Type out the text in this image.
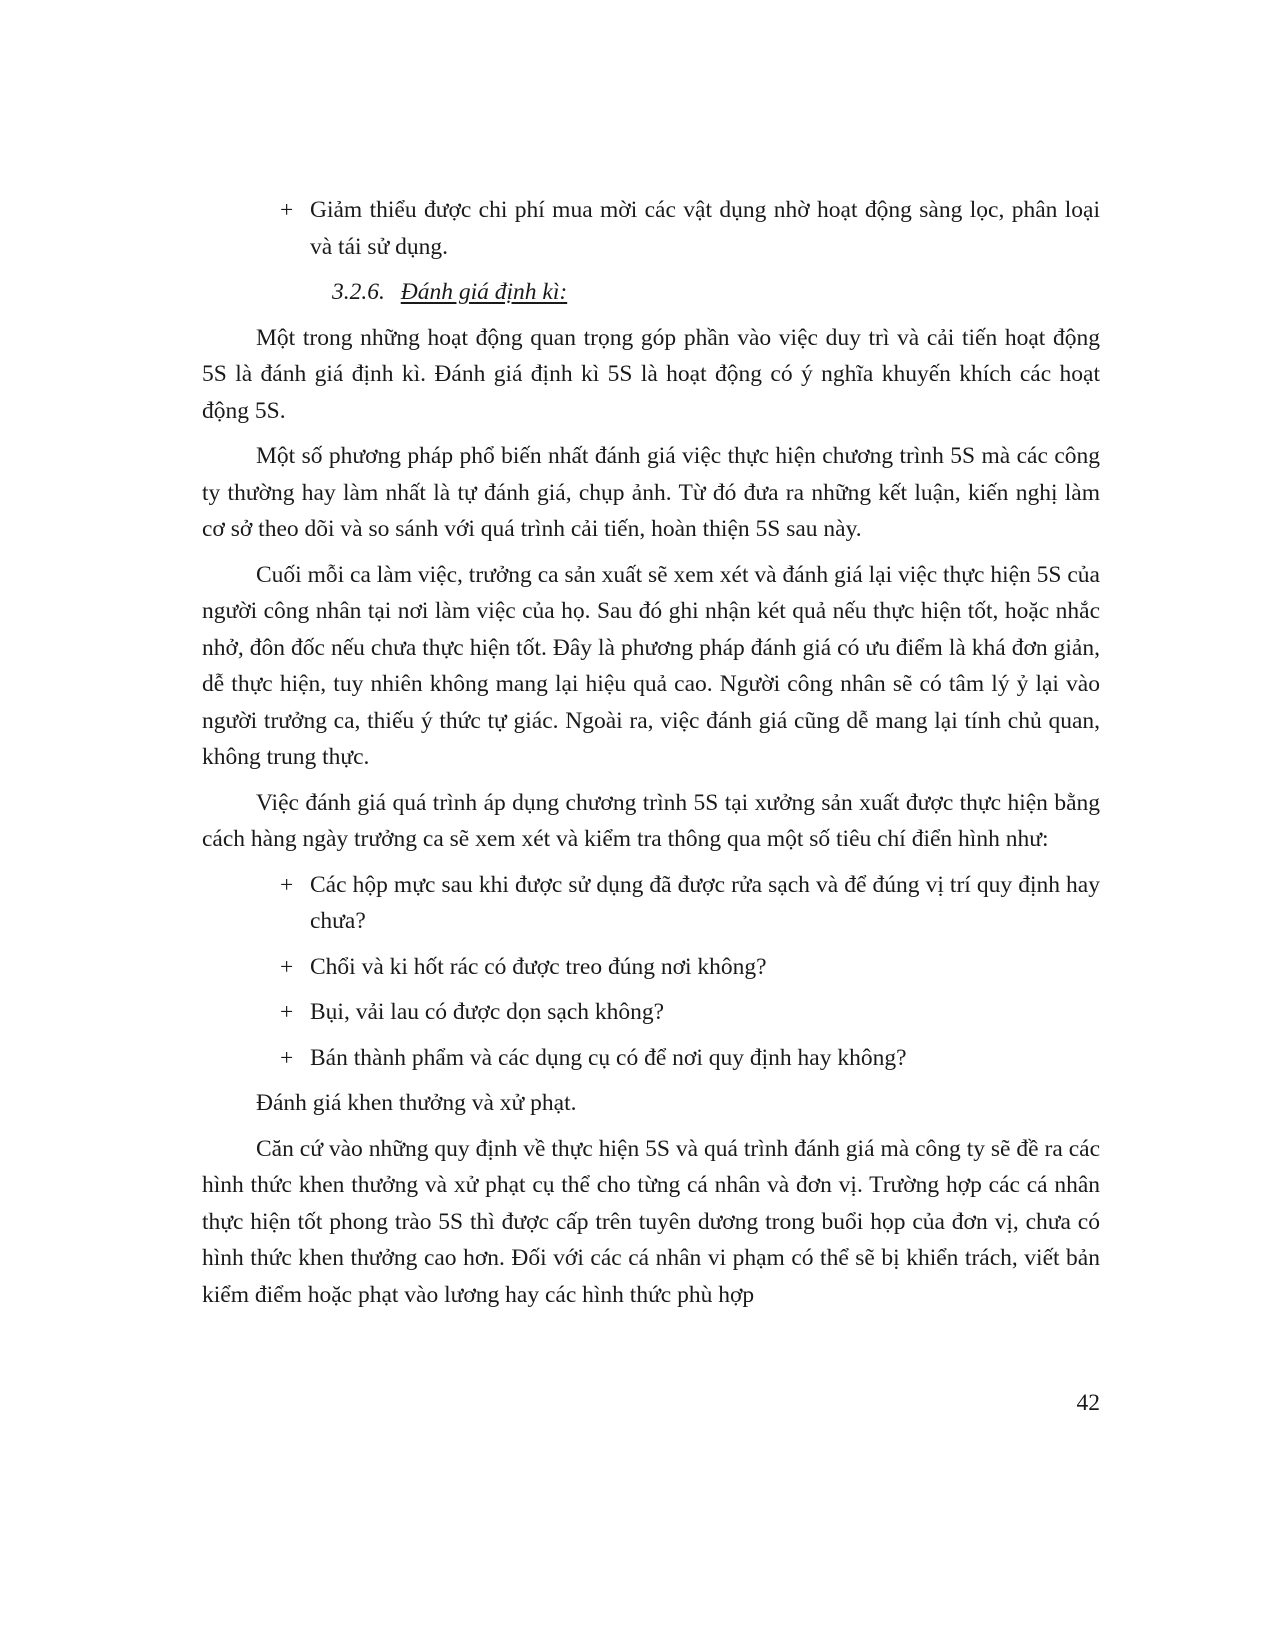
+ Giảm thiểu được chi phí mua mời các vật dụng nhờ hoạt động sàng lọc, phân loại và tái sử dụng.

3.2.6. Đánh giá định kì:

Một trong những hoạt động quan trọng góp phần vào việc duy trì và cải tiến hoạt động 5S là đánh giá định kì. Đánh giá định kì 5S là hoạt động có ý nghĩa khuyến khích các hoạt động 5S.

Một số phương pháp phổ biến nhất đánh giá việc thực hiện chương trình 5S mà các công ty thường hay làm nhất là tự đánh giá, chụp ảnh. Từ đó đưa ra những kết luận, kiến nghị làm cơ sở theo dõi và so sánh với quá trình cải tiến, hoàn thiện 5S sau này.

Cuối mỗi ca làm việc, trưởng ca sản xuất sẽ xem xét và đánh giá lại việc thực hiện 5S của người công nhân tại nơi làm việc của họ. Sau đó ghi nhận két quả nếu thực hiện tốt, hoặc nhắc nhở, đôn đốc nếu chưa thực hiện tốt. Đây là phương pháp đánh giá có ưu điểm là khá đơn giản, dễ thực hiện, tuy nhiên không mang lại hiệu quả cao. Người công nhân sẽ có tâm lý ỷ lại vào người trưởng ca, thiếu ý thức tự giác. Ngoài ra, việc đánh giá cũng dễ mang lại tính chủ quan, không trung thực.

Việc đánh giá quá trình áp dụng chương trình 5S tại xưởng sản xuất được thực hiện bằng cách hàng ngày trưởng ca sẽ xem xét và kiểm tra thông qua một số tiêu chí điển hình như:

+ Các hộp mực sau khi được sử dụng đã được rửa sạch và để đúng vị trí quy định hay chưa?

+ Chổi và ki hốt rác có được treo đúng nơi không?

+ Bụi, vải lau có được dọn sạch không?

+ Bán thành phẩm và các dụng cụ có để nơi quy định hay không?

Đánh giá khen thưởng và xử phạt.

Căn cứ vào những quy định về thực hiện 5S và quá trình đánh giá mà công ty sẽ đề ra các hình thức khen thưởng và xử phạt cụ thể cho từng cá nhân và đơn vị. Trường hợp các cá nhân thực hiện tốt phong trào 5S thì được cấp trên tuyên dương trong buổi họp của đơn vị, chưa có hình thức khen thưởng cao hơn. Đối với các cá nhân vi phạm có thể sẽ bị khiển trách, viết bản kiểm điểm hoặc phạt vào lương hay các hình thức phù hợp

42
